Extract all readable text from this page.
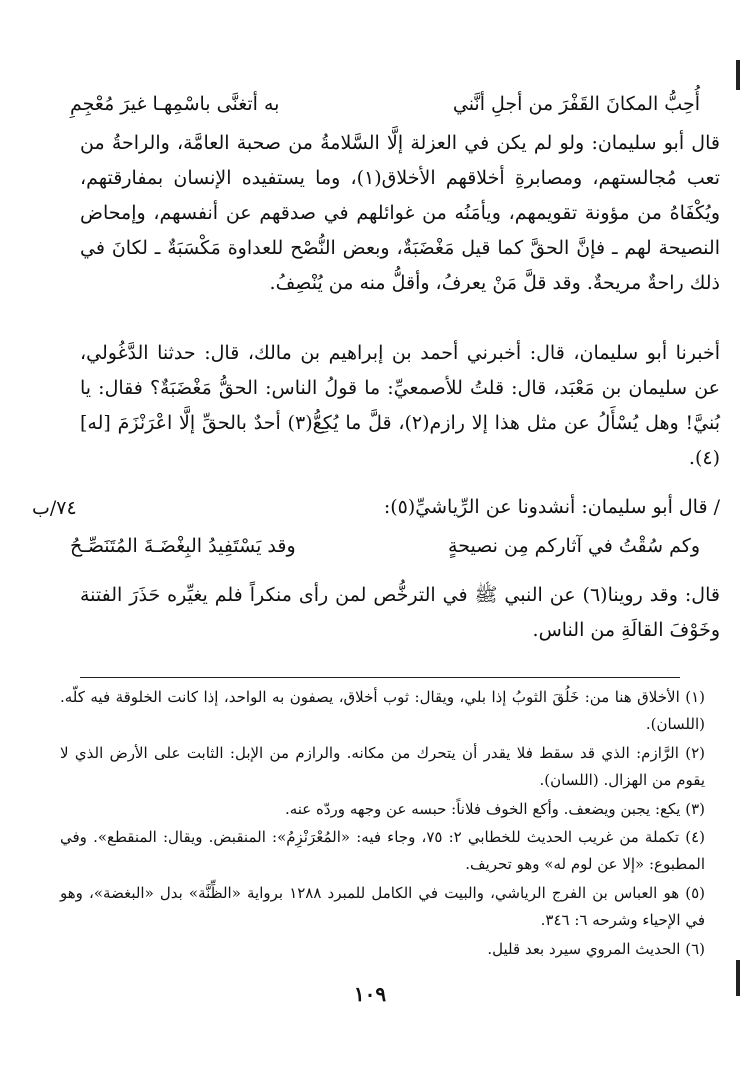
أُحِبُّ المكانَ القَفْرَ من أجلِ أنَّني
به أتغنَّى باسْمِهـا غيرَ مُعْجِمِ

قال أبو سليمان: ولو لم يكن في العزلة إلَّا السَّلامةُ من صحبة العامَّة، والراحةُ من تعب مُجالستهم، ومصابرةِ أخلاقهم الأخلاق(١)، وما يستفيده الإنسان بمفارقتهم، ويُكْفَاهُ من مؤونة تقويمهم، ويأمَنُه من غوائلهم في صدقهم عن أنفسهم، وإمحاض النصيحة لهم ـ فإنَّ الحقَّ كما قيل مَغْضَبَةٌ، وبعض النُّصْح للعداوة مَكْسَبَةٌ ـ لكانَ في ذلك راحةٌ مريحةٌ. وقد قلَّ مَنْ يعرفُ، وأقلُّ منه من يُنْصِفُ.

أخبرنا أبو سليمان، قال: أخبرني أحمد بن إبراهيم بن مالك، قال: حدثنا الدَّغُولي، عن سليمان بن مَعْبَد، قال: قلتُ للأصمعيِّ: ما قولُ الناس: الحقُّ مَغْضَبَةٌ؟ فقال: يا بُنيَّ! وهل يُسْأَلُ عن مثل هذا إلا رازم(٢)، قلَّ ما يُكِعُّ(٣) أحدٌ بالحقِّ إلَّا اعْرَنْزَمَ [له](٤).

/ قال أبو سليمان: أنشدونا عن الرِّياشيِّ(٥):

٧٤/ب
وكم سُقْتُ في آثاركم مِن نصيحةٍ
وقد يَسْتَفِيدُ البِغْضَـةَ المُتَنَصِّـحُ

قال: وقد روينا(٦) عن النبي ﷺ في الترخُّص لمن رأى منكراً فلم يغيِّره حَذَرَ الفتنة وخَوْفَ القالَةِ من الناس.

(١) الأخلاق هنا من: خَلُقَ الثوبُ إذا بلي، ويقال: ثوب أخلاق، يصفون به الواحد، إذا كانت الخلوقة فيه كلّه. (اللسان).

(٢) الرَّازم: الذي قد سقط فلا يقدر أن يتحرك من مكانه. والرازم من الإبل: الثابت على الأرض الذي لا يقوم من الهزال. (اللسان).

(٣) يكع: يجبن ويضعف. وأكع الخوف فلاناً: حبسه عن وجهه وردّه عنه.

(٤) تكملة من غريب الحديث للخطابي ٢: ٧٥، وجاء فيه: «المُعْرَنْزِمُ»: المنقبض. ويقال: المنقطع». وفي المطبوع: «إلا عن لوم له» وهو تحريف.

(٥) هو العباس بن الفرج الرياشي، والبيت في الكامل للمبرد ١٢٨٨ برواية «الظِّنَّة» بدل «البغضة»، وهو في الإحياء وشرحه ٦: ٣٤٦.

(٦) الحديث المروي سيرد بعد قليل.

١٠٩
